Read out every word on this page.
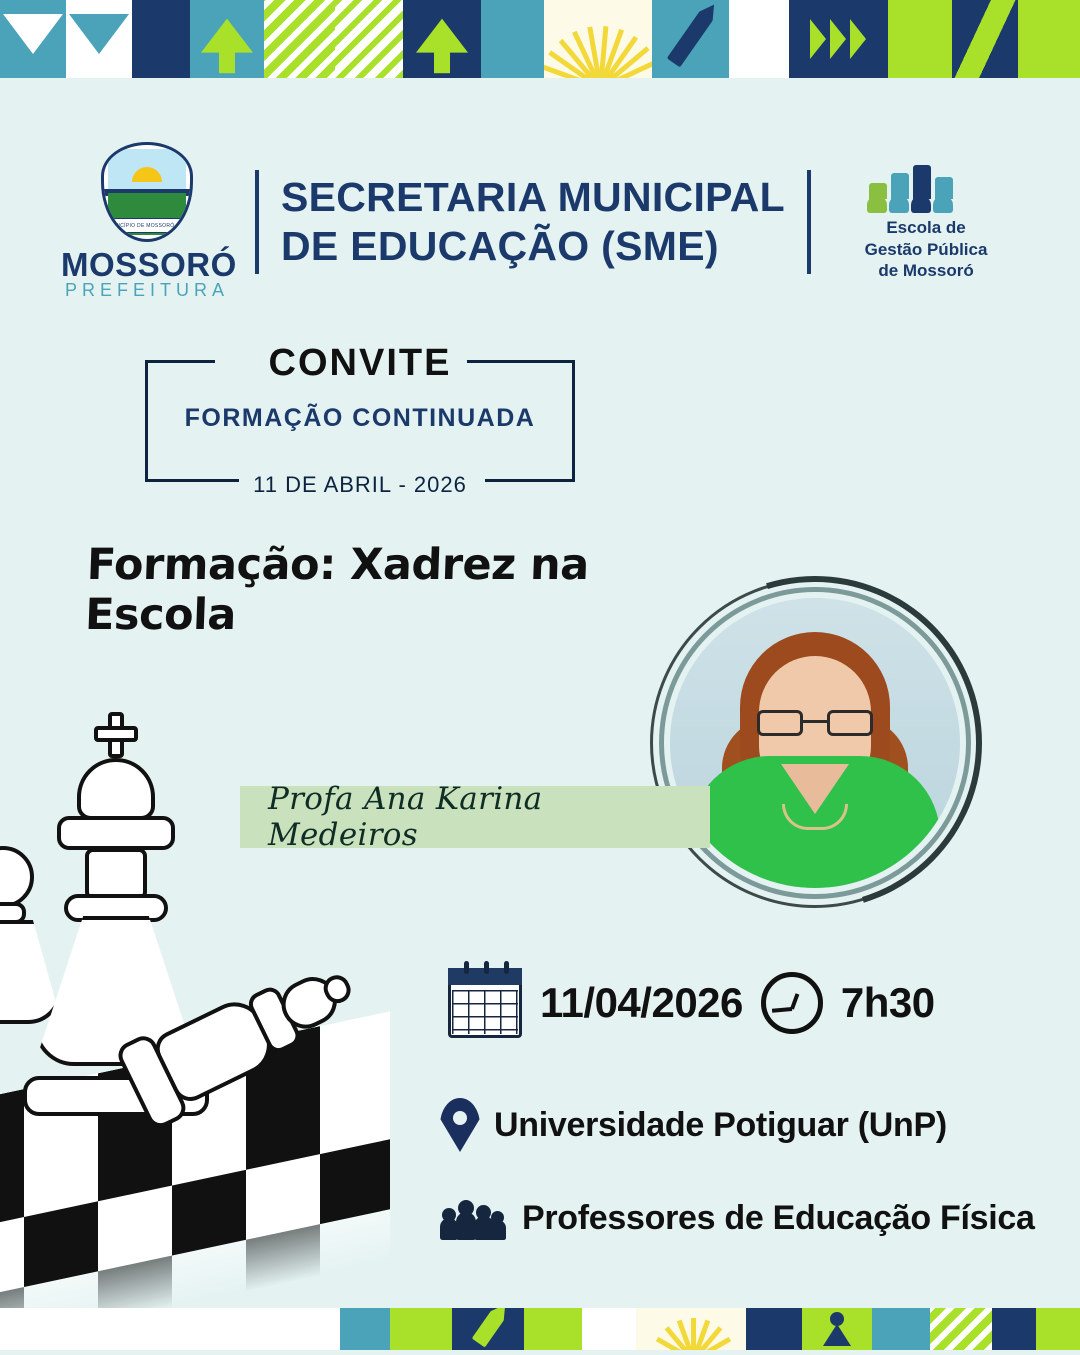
MUNICÍPIO DE MOSSORÓ - RN
MOSSORÓ
PREFEITURA
SECRETARIA MUNICIPAL
DE EDUCAÇÃO (SME)	Escola de
Gestão Pública
de Mossoró
CONVITE
FORMAÇÃO CONTINUADA
11 DE ABRIL - 2026
Formação: Xadrez na Escola
Profa Ana Karina Medeiros
11/04/2026 7h30
Universidade Potiguar (UnP)
Professores de Educação Física
